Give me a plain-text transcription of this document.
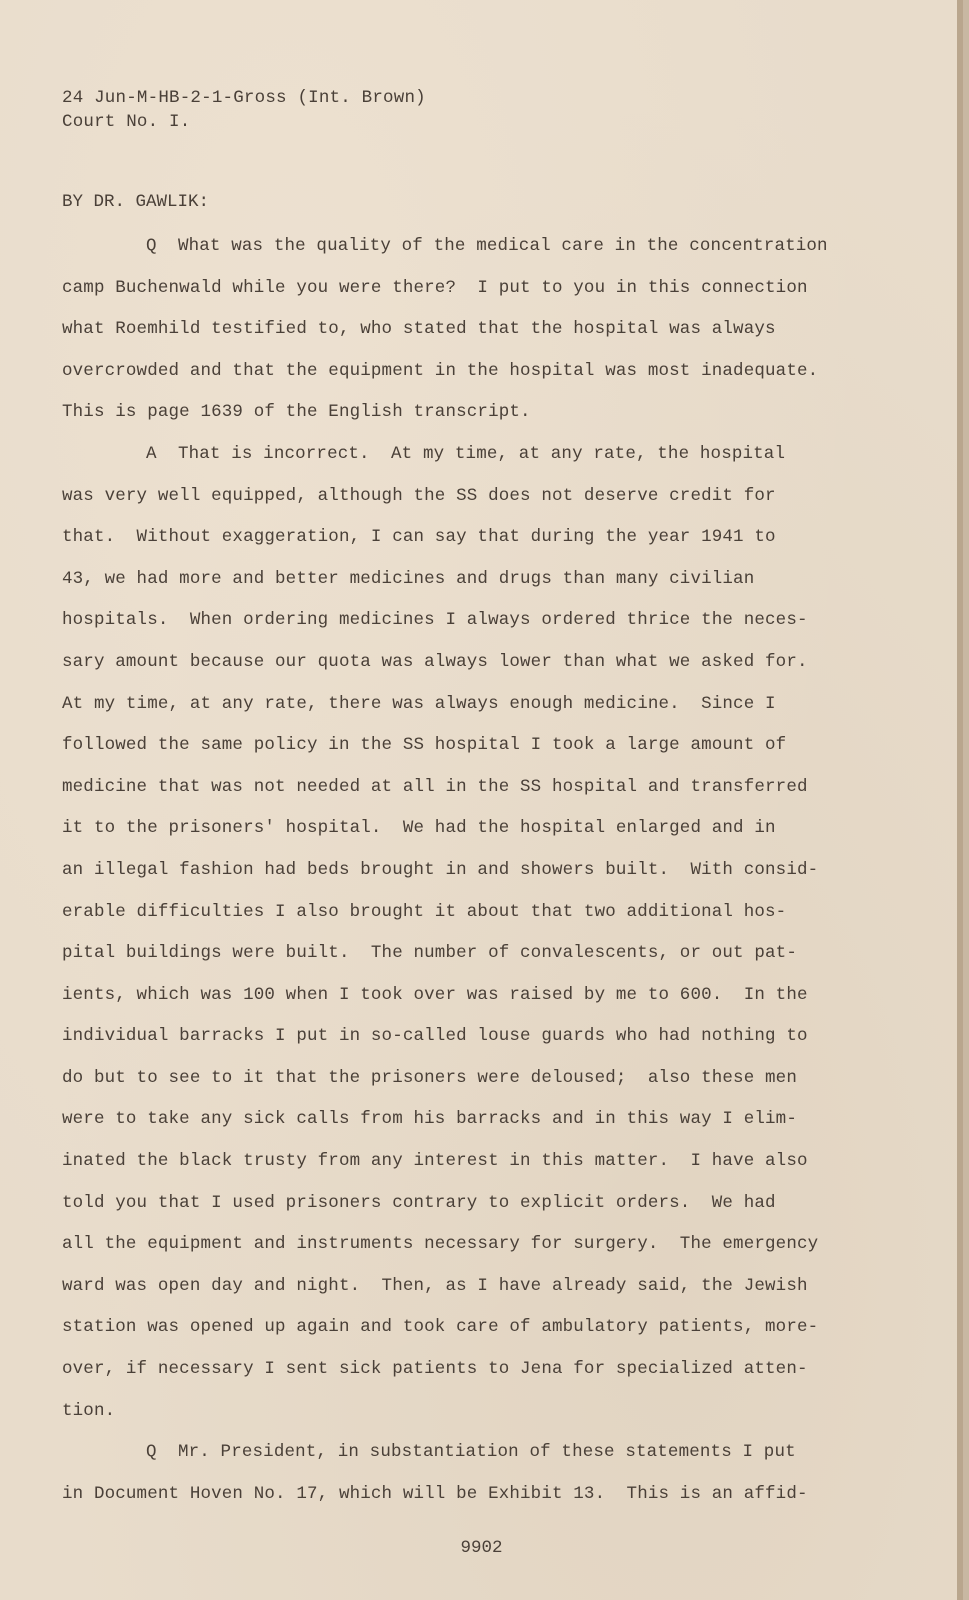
24 Jun-M-HB-2-1-Gross (Int. Brown)
Court No. I.
BY DR. GAWLIK:
Q  What was the quality of the medical care in the concentration
camp Buchenwald while you were there?  I put to you in this connection
what Roemhild testified to, who stated that the hospital was always
overcrowded and that the equipment in the hospital was most inadequate.
This is page 1639 of the English transcript.
A  That is incorrect.  At my time, at any rate, the hospital
was very well equipped, although the SS does not deserve credit for
that.  Without exaggeration, I can say that during the year 1941 to
43, we had more and better medicines and drugs than many civilian
hospitals.  When ordering medicines I always ordered thrice the neces-
sary amount because our quota was always lower than what we asked for.
At my time, at any rate, there was always enough medicine.  Since I
followed the same policy in the SS hospital I took a large amount of
medicine that was not needed at all in the SS hospital and transferred
it to the prisoners' hospital.  We had the hospital enlarged and in
an illegal fashion had beds brought in and showers built.  With consid-
erable difficulties I also brought it about that two additional hos-
pital buildings were built.  The number of convalescents, or out pat-
ients, which was 100 when I took over was raised by me to 600.  In the
individual barracks I put in so-called louse guards who had nothing to
do but to see to it that the prisoners were deloused;  also these men
were to take any sick calls from his barracks and in this way I elim-
inated the black trusty from any interest in this matter.  I have also
told you that I used prisoners contrary to explicit orders.  We had
all the equipment and instruments necessary for surgery.  The emergency
ward was open day and night.  Then, as I have already said, the Jewish
station was opened up again and took care of ambulatory patients, more-
over, if necessary I sent sick patients to Jena for specialized atten-
tion.
Q  Mr. President, in substantiation of these statements I put
in Document Hoven No. 17, which will be Exhibit 13.  This is an affid-
9902
